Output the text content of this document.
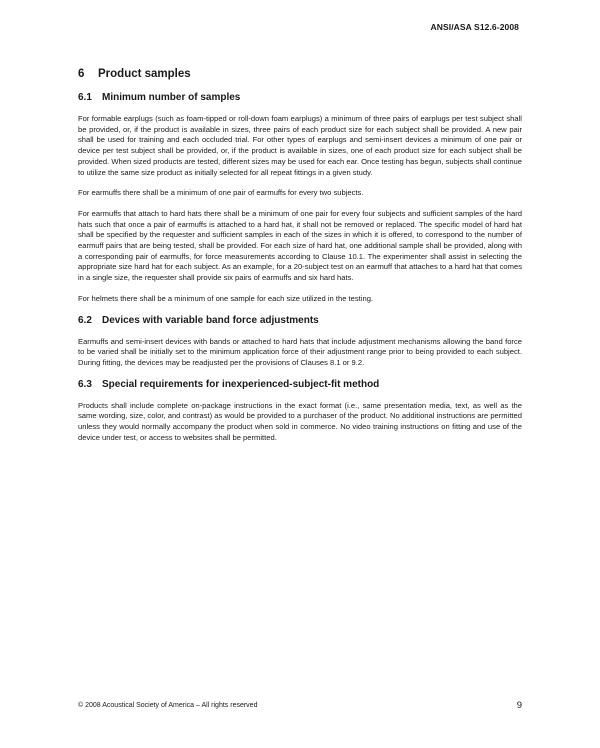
ANSI/ASA S12.6-2008
6	Product samples
6.1	Minimum number of samples

For formable earplugs (such as foam-tipped or roll-down foam earplugs) a minimum of three pairs of earplugs per test subject shall be provided, or, if the product is available in sizes, three pairs of each product size for each subject shall be provided. A new pair shall be used for training and each occluded trial. For other types of earplugs and semi-insert devices a minimum of one pair or device per test subject shall be provided, or, if the product is available in sizes, one of each product size for each subject shall be provided. When sized products are tested, different sizes may be used for each ear. Once testing has begun, subjects shall continue to utilize the same size product as initially selected for all repeat fittings in a given study.

For earmuffs there shall be a minimum of one pair of earmuffs for every two subjects.

For earmuffs that attach to hard hats there shall be a minimum of one pair for every four subjects and sufficient samples of the hard hats such that once a pair of earmuffs is attached to a hard hat, it shall not be removed or replaced. The specific model of hard hat shall be specified by the requester and sufficient samples in each of the sizes in which it is offered, to correspond to the number of earmuff pairs that are being tested, shall be provided. For each size of hard hat, one additional sample shall be provided, along with a corresponding pair of earmuffs, for force measurements according to Clause 10.1. The experimenter shall assist in selecting the appropriate size hard hat for each subject. As an example, for a 20-subject test on an earmuff that attaches to a hard hat that comes in a single size, the requester shall provide six pairs of earmuffs and six hard hats.

For helmets there shall be a minimum of one sample for each size utilized in the testing.

6.2	Devices with variable band force adjustments

Earmuffs and semi-insert devices with bands or attached to hard hats that include adjustment mechanisms allowing the band force to be varied shall be initially set to the minimum application force of their adjustment range prior to being provided to each subject. During fitting, the devices may be readjusted per the provisions of Clauses 8.1 or 9.2.

6.3	Special requirements for inexperienced-subject-fit method

Products shall include complete on-package instructions in the exact format (i.e., same presentation media, text, as well as the same wording, size, color, and contrast) as would be provided to a purchaser of the product. No additional instructions are permitted unless they would normally accompany the product when sold in commerce. No video training instructions on fitting and use of the device under test, or access to websites shall be permitted.

© 2008 Acoustical Society of America – All rights reserved	9
